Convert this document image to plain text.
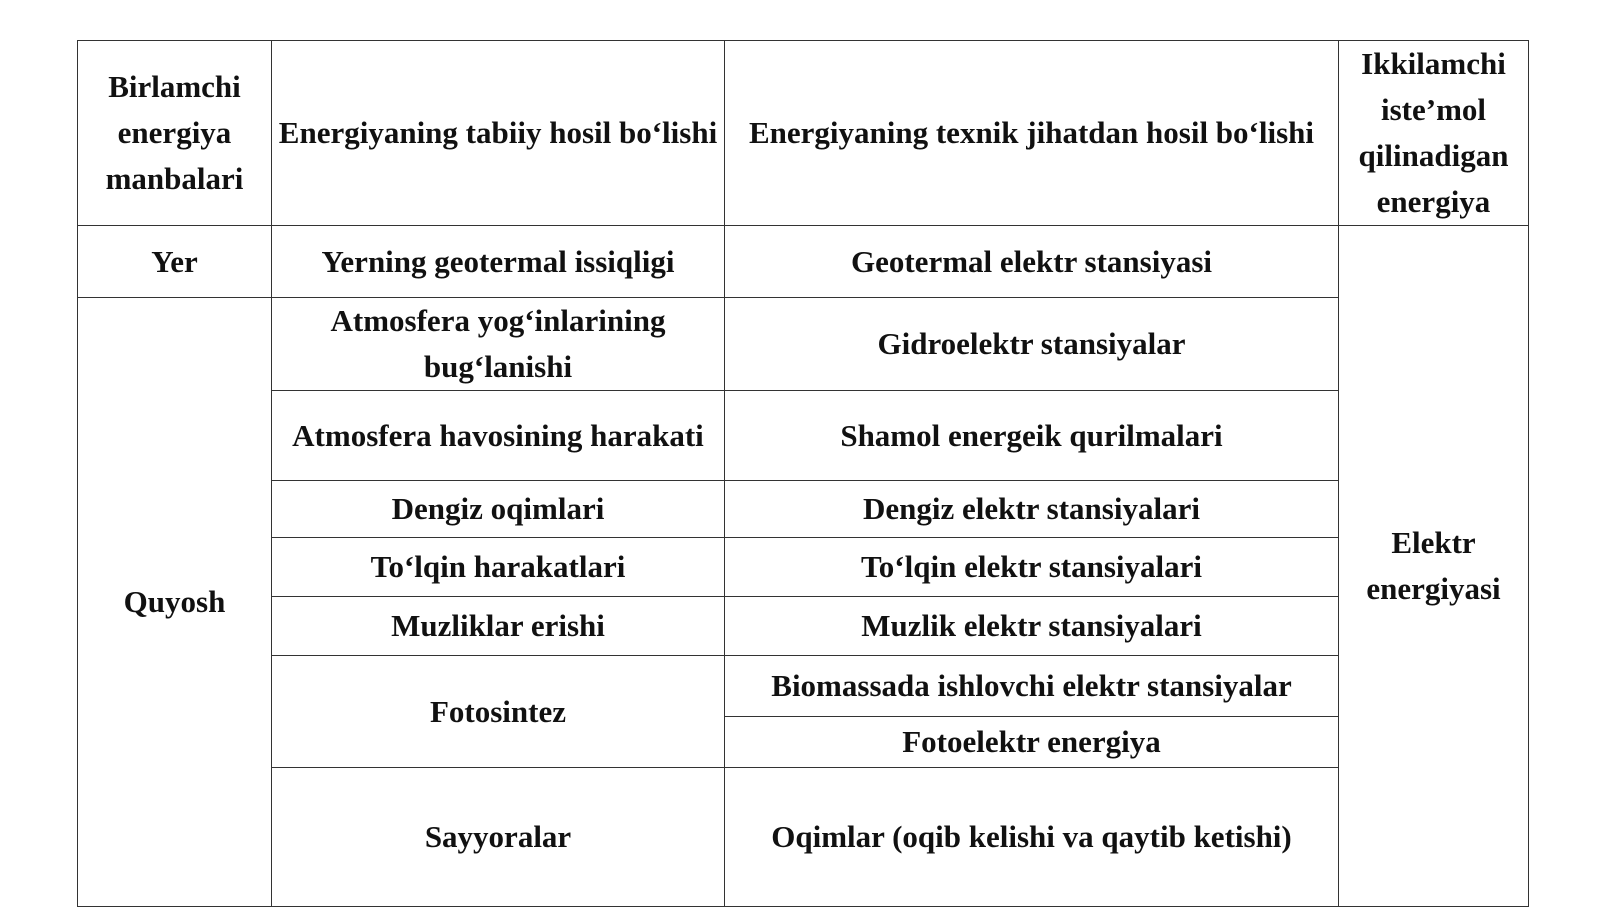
Birlamchi energiya manbalari	Energiyaning tabiiy hosil bo‘lishi	Energiyaning texnik jihatdan hosil bo‘lishi	Ikkilamchi iste’mol qilinadigan energiya	
Yer	Yerning geotermal issiqligi	Geotermal elektr stansiyasi	Elektr energiyasi	
Quyosh	Atmosfera yog‘inlarining bug‘lanishi	Gidroelektr stansiyalar		
	Atmosfera havosining harakati	Shamol energeik qurilmalari		
	Dengiz oqimlari	Dengiz elektr stansiyalari		
	To‘lqin harakatlari	To‘lqin elektr stansiyalari		
	Muzliklar erishi	Muzlik elektr stansiyalari		
	Fotosintez	Biomassada ishlovchi elektr stansiyalar		
		Fotoelektr energiya		
	Sayyoralar	Oqimlar (oqib kelishi va qaytib ketishi)	
